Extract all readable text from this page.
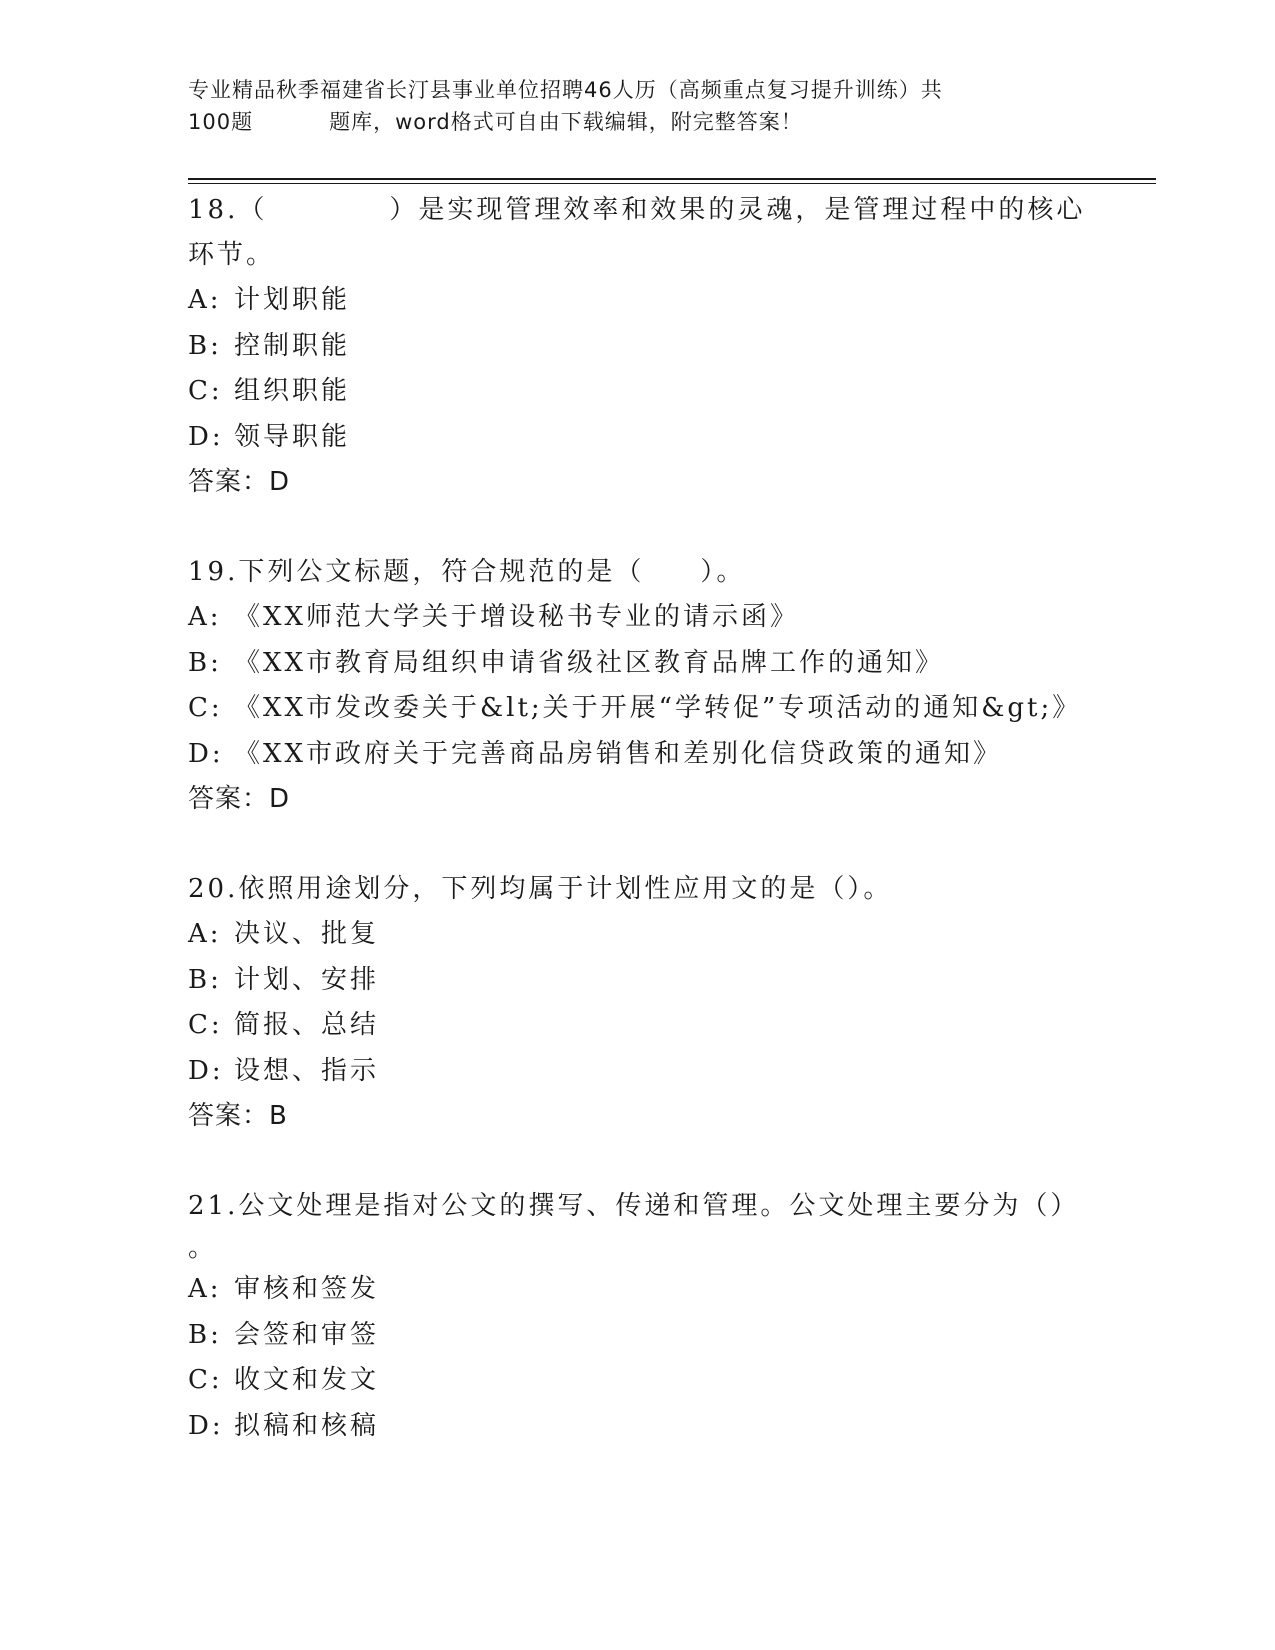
专业精品秋季福建省长汀县事业单位招聘46人历（高频重点复习提升训练）共

100题	题库，word格式可自由下载编辑，附完整答案！
18.（	）是实现管理效率和效果的灵魂，是管理过程中的核心
环节。
A: 计划职能
B: 控制职能
C: 组织职能
D: 领导职能
答案：D
19.下列公文标题，符合规范的是（ ）。
A: 《XX师范大学关于增设秘书专业的请示函》
B: 《XX市教育局组织申请省级社区教育品牌工作的通知》
C: 《XX市发改委关于&lt;关于开展“学转促”专项活动的通知&gt;》
D: 《XX市政府关于完善商品房销售和差别化信贷政策的通知》
答案：D
20.依照用途划分，下列均属于计划性应用文的是（）。
A: 决议、批复
B: 计划、安排
C: 简报、总结
D: 设想、指示
答案：B
21.公文处理是指对公文的撰写、传递和管理。公文处理主要分为（）
。
A: 审核和签发
B: 会签和审签
C: 收文和发文
D: 拟稿和核稿
